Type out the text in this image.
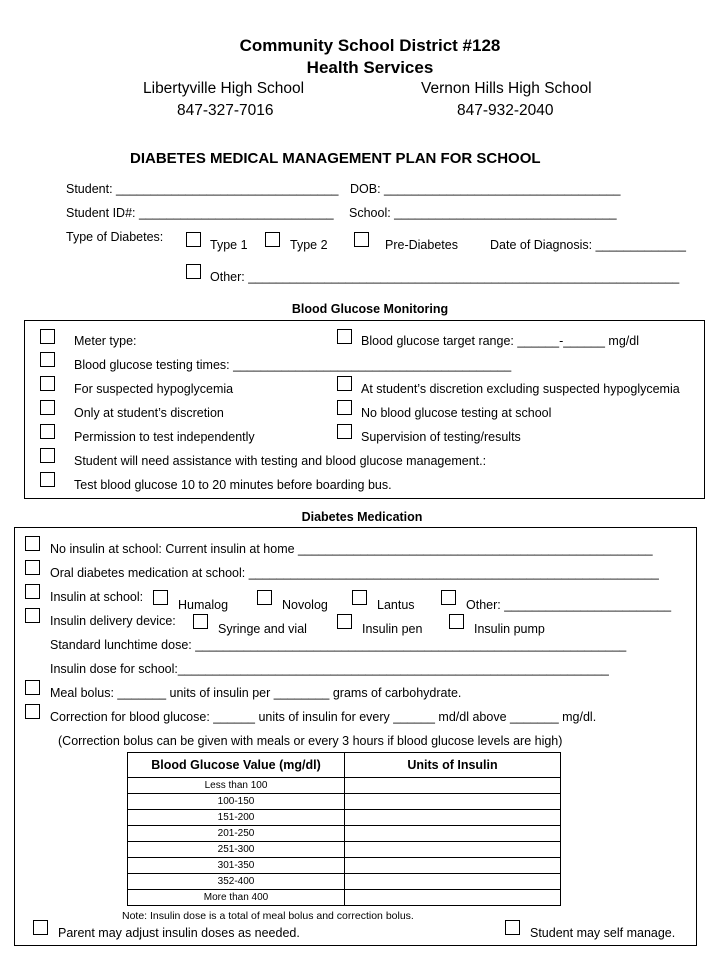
Community School District #128
Health Services
Libertyville High School
847-327-7016
Vernon Hills High School
847-932-2040
DIABETES MEDICAL MANAGEMENT PLAN FOR SCHOOL
Student: ________________________________ DOB: __________________________________
Student ID#: ____________________________ School: ________________________________
Type of Diabetes:
Type 1	Type 2	Pre-Diabetes	Date of Diagnosis: _____________
Other: ______________________________________________________________
Blood Glucose Monitoring
Meter type:	Blood glucose target range: ______-______ mg/dl
Blood glucose testing times: ________________________________________
For suspected hypoglycemia	At student’s discretion excluding suspected hypoglycemia
Only at student’s discretion	No blood glucose testing at school
Permission to test independently	Supervision of testing/results
Student will need assistance with testing and blood glucose management.:
Test blood glucose 10 to 20 minutes before boarding bus.
Diabetes Medication
No insulin at school: Current insulin at home ___________________________________________________
Oral diabetes medication at school: ___________________________________________________________
Insulin at school:
Humalog	Novolog	Lantus	Other: ________________________
Insulin delivery device:
Syringe and vial	Insulin pen	Insulin pump
Standard lunchtime dose: ______________________________________________________________
Insulin dose for school:______________________________________________________________
Meal bolus: _______ units of insulin per ________ grams of carbohydrate.
Correction for blood glucose: ______ units of insulin for every ______ md/dl above _______ mg/dl.
(Correction bolus can be given with meals or every 3 hours if blood glucose levels are high)
Blood Glucose Value (mg/dl)	Units of Insulin
Less than 100	
100-150	
151-200	
201-250	
251-300	
301-350	
352-400	
More than 400	
Note: Insulin dose is a total of meal bolus and correction bolus.
Parent may adjust insulin doses as needed.	Student may self manage.
